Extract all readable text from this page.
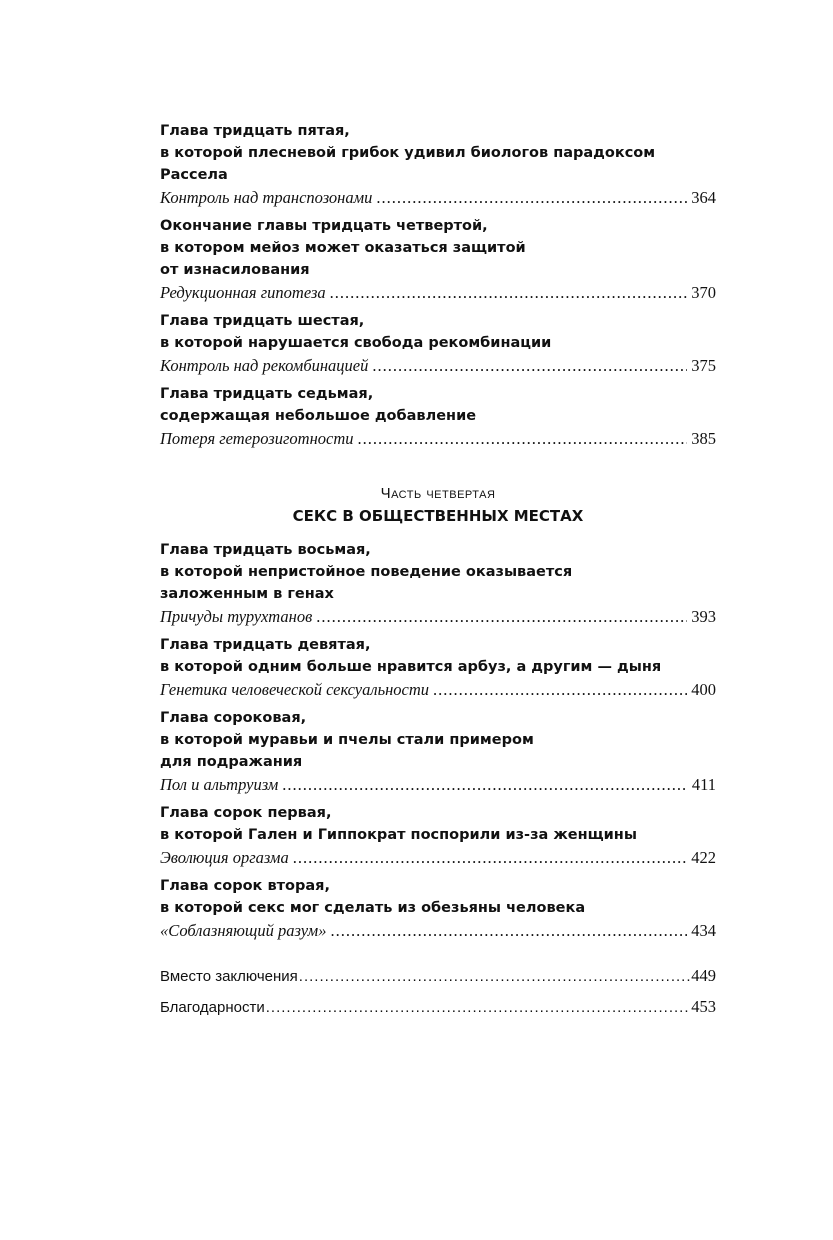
Глава тридцать пятая,

в которой плесневой грибок удивил биологов парадоксом

Рассела

Контроль над транспозонами .....	364

Окончание главы тридцать четвертой,

в котором мейоз может оказаться защитой

от изнасилования

Редукционная гипотеза .....	370

Глава тридцать шестая,

в которой нарушается свобода рекомбинации

Контроль над рекомбинацией .....	375

Глава тридцать седьмая,

содержащая небольшое добавление

Потеря гетерозиготности .....	385
Часть четвертая
СЕКС В ОБЩЕСТВЕННЫХ МЕСТАХ

Глава тридцать восьмая,

в которой непристойное поведение оказывается

заложенным в генах

Причуды турухтанов .....	393

Глава тридцать девятая,

в которой одним больше нравится арбуз, а другим — дыня

Генетика человеческой сексуальности .....	400

Глава сороковая,

в которой муравьи и пчелы стали примером

для подражания

Пол и альтруизм .....	411

Глава сорок первая,

в которой Гален и Гиппократ поспорили из-за женщины

Эволюция оргазма .....	422

Глава сорок вторая,

в которой секс мог сделать из обезьяны человека

«Соблазняющий разум» .....	434
Вместо заключения .....	449
Благодарности .....	453
